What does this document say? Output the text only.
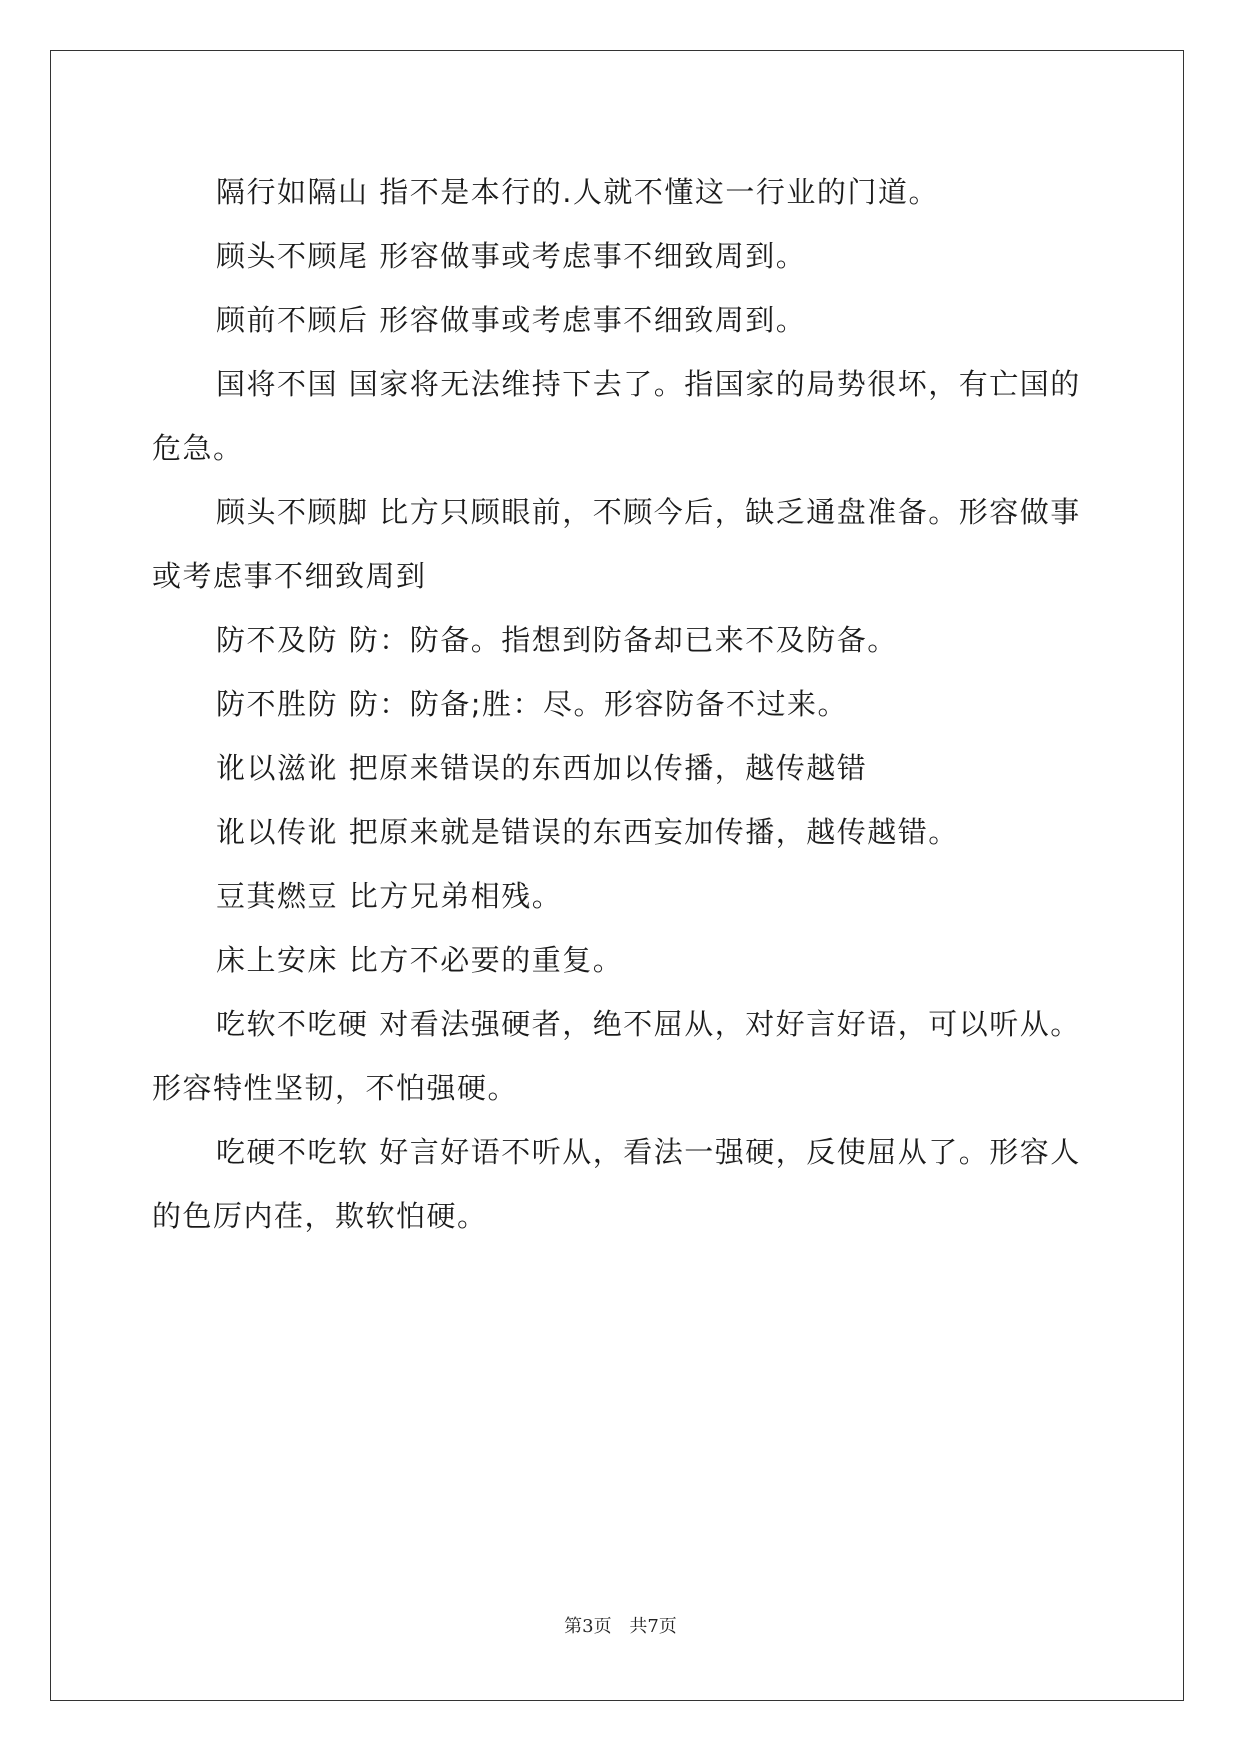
隔行如隔山 指不是本行的.人就不懂这一行业的门道。

顾头不顾尾 形容做事或考虑事不细致周到。

顾前不顾后 形容做事或考虑事不细致周到。

国将不国 国家将无法维持下去了。指国家的局势很坏，有亡国的危急。

顾头不顾脚 比方只顾眼前，不顾今后，缺乏通盘准备。形容做事或考虑事不细致周到

防不及防 防：防备。指想到防备却已来不及防备。

防不胜防 防：防备;胜：尽。形容防备不过来。

讹以滋讹 把原来错误的东西加以传播，越传越错

讹以传讹 把原来就是错误的东西妄加传播，越传越错。

豆萁燃豆 比方兄弟相残。

床上安床 比方不必要的重复。

吃软不吃硬 对看法强硬者，绝不屈从，对好言好语，可以听从。形容特性坚韧，不怕强硬。

吃硬不吃软 好言好语不听从，看法一强硬，反使屈从了。形容人的色厉内荏，欺软怕硬。

第3页 共7页
